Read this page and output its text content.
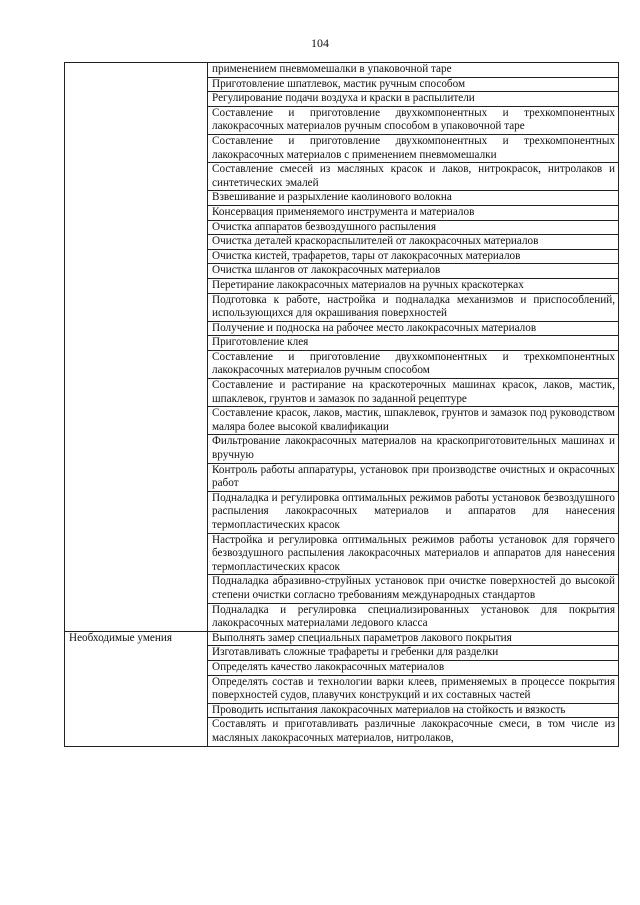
104
	применением пневмомешалки в упаковочной таре
	Приготовление шпатлевок, мастик ручным способом
	Регулирование подачи воздуха и краски в распылители
	Составление и приготовление двухкомпонентных и трехкомпонентных лакокрасочных материалов ручным способом в упаковочной таре
	Составление и приготовление двухкомпонентных и трехкомпонентных лакокрасочных материалов с применением пневмомешалки
	Составление смесей из масляных красок и лаков, нитрокрасок, нитролаков и синтетических эмалей
	Взвешивание и разрыхление каолинового волокна
	Консервация применяемого инструмента и материалов
	Очистка аппаратов безвоздушного распыления
	Очистка деталей краскораспылителей от лакокрасочных материалов
	Очистка кистей, трафаретов, тары от лакокрасочных материалов
	Очистка шлангов от лакокрасочных материалов
	Перетирание лакокрасочных материалов на ручных краскотерках
	Подготовка к работе, настройка и подналадка механизмов и приспособлений, использующихся для окрашивания поверхностей
	Получение и подноска на рабочее место лакокрасочных материалов
	Приготовление клея
	Составление и приготовление двухкомпонентных и трехкомпонентных лакокрасочных материалов ручным способом
	Составление и растирание на краскотерочных машинах красок, лаков, мастик, шпаклевок, грунтов и замазок по заданной рецептуре
	Составление красок, лаков, мастик, шпаклевок, грунтов и замазок под руководством маляра более высокой квалификации
	Фильтрование лакокрасочных материалов на краскоприготовительных машинах и вручную
	Контроль работы аппаратуры, установок при производстве очистных и окрасочных работ
	Подналадка и регулировка оптимальных режимов работы установок безвоздушного распыления лакокрасочных материалов и аппаратов для нанесения термопластических красок
	Настройка и регулировка оптимальных режимов работы установок для горячего безвоздушного распыления лакокрасочных материалов и аппаратов для нанесения термопластических красок
	Подналадка абразивно-струйных установок при очистке поверхностей до высокой степени очистки согласно требованиям международных стандартов
	Подналадка и регулировка специализированных установок для покрытия лакокрасочных материалами ледового класса
Необходимые умения	Выполнять замер специальных параметров лакового покрытия
	Изготавливать сложные трафареты и гребенки для разделки
	Определять качество лакокрасочных материалов
	Определять состав и технологии варки клеев, применяемых в процессе покрытия поверхностей судов, плавучих конструкций и их составных частей
	Проводить испытания лакокрасочных материалов на стойкость и вязкость
	Составлять и приготавливать различные лакокрасочные смеси, в том числе из масляных лакокрасочных материалов, нитролаков,
